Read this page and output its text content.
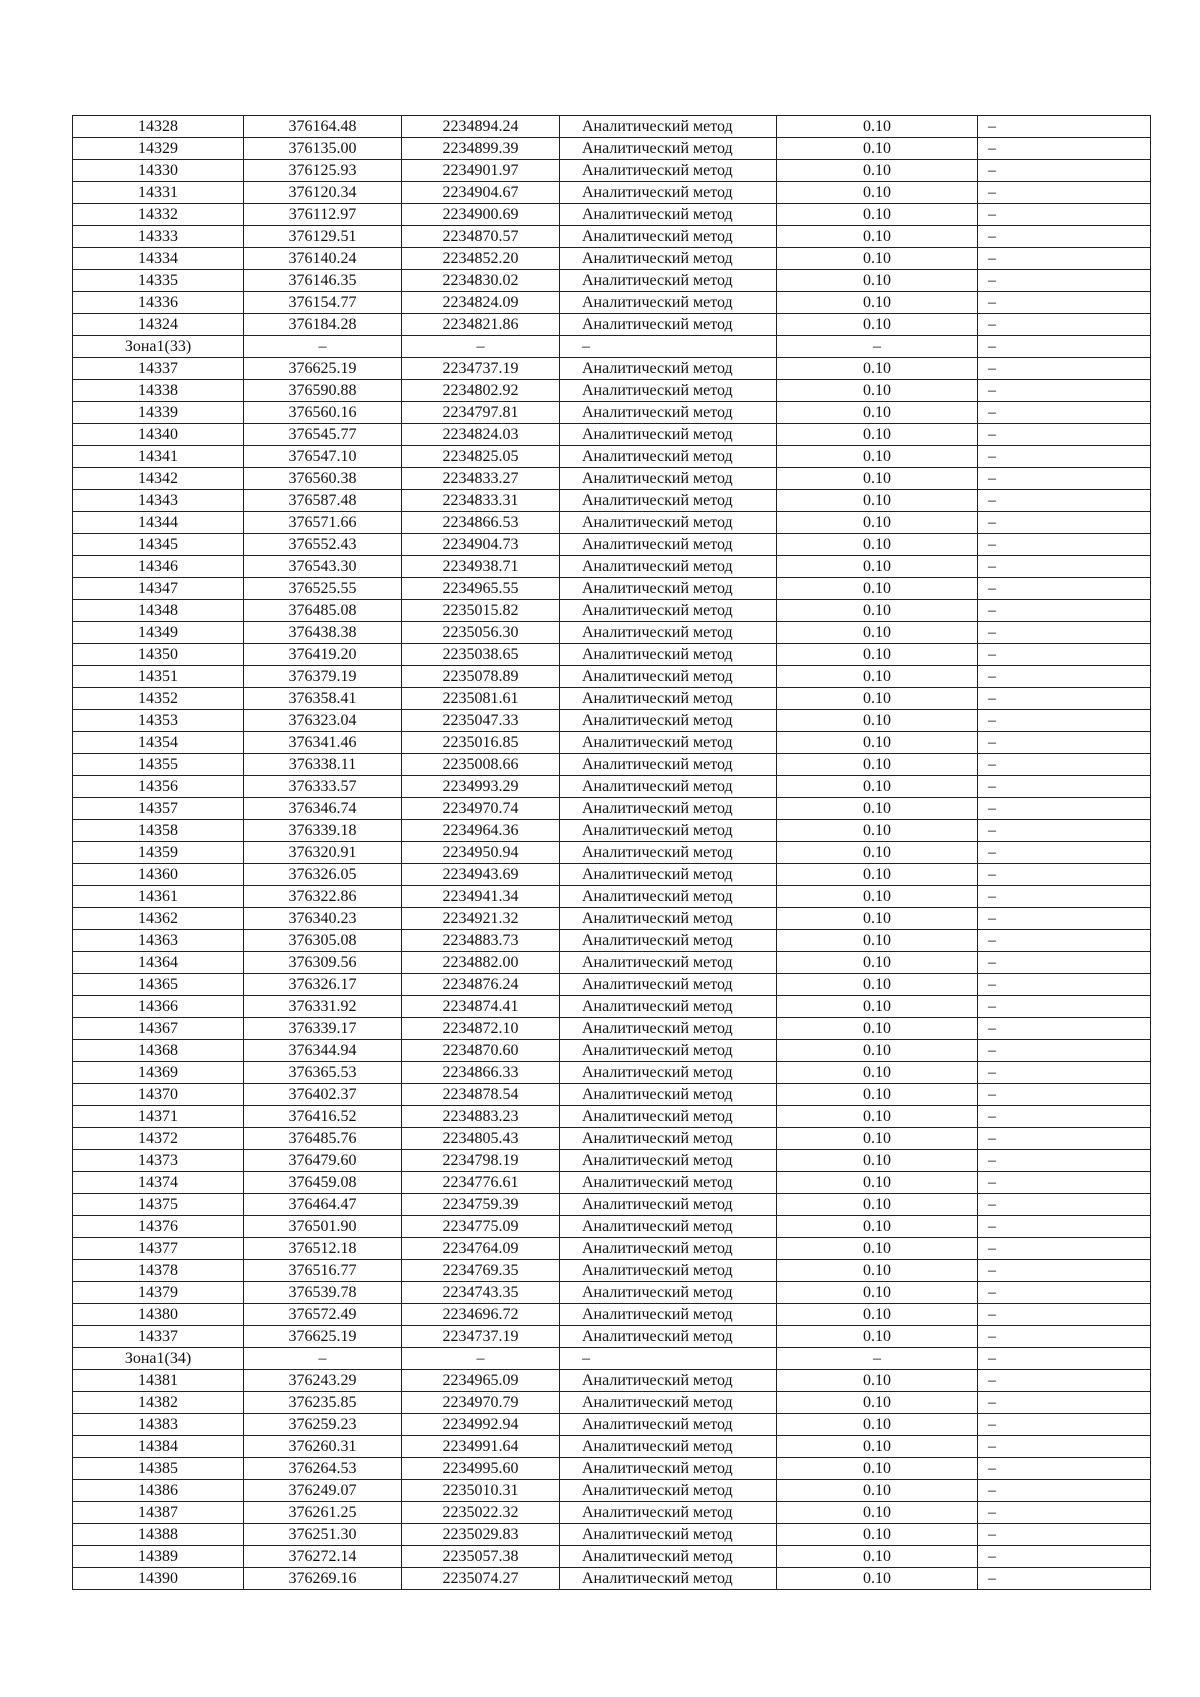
14328	376164.48	2234894.24	Аналитический метод	0.10	–
14329	376135.00	2234899.39	Аналитический метод	0.10	–
14330	376125.93	2234901.97	Аналитический метод	0.10	–
14331	376120.34	2234904.67	Аналитический метод	0.10	–
14332	376112.97	2234900.69	Аналитический метод	0.10	–
14333	376129.51	2234870.57	Аналитический метод	0.10	–
14334	376140.24	2234852.20	Аналитический метод	0.10	–
14335	376146.35	2234830.02	Аналитический метод	0.10	–
14336	376154.77	2234824.09	Аналитический метод	0.10	–
14324	376184.28	2234821.86	Аналитический метод	0.10	–
Зона1(33)	–	–	–	–	–
14337	376625.19	2234737.19	Аналитический метод	0.10	–
14338	376590.88	2234802.92	Аналитический метод	0.10	–
14339	376560.16	2234797.81	Аналитический метод	0.10	–
14340	376545.77	2234824.03	Аналитический метод	0.10	–
14341	376547.10	2234825.05	Аналитический метод	0.10	–
14342	376560.38	2234833.27	Аналитический метод	0.10	–
14343	376587.48	2234833.31	Аналитический метод	0.10	–
14344	376571.66	2234866.53	Аналитический метод	0.10	–
14345	376552.43	2234904.73	Аналитический метод	0.10	–
14346	376543.30	2234938.71	Аналитический метод	0.10	–
14347	376525.55	2234965.55	Аналитический метод	0.10	–
14348	376485.08	2235015.82	Аналитический метод	0.10	–
14349	376438.38	2235056.30	Аналитический метод	0.10	–
14350	376419.20	2235038.65	Аналитический метод	0.10	–
14351	376379.19	2235078.89	Аналитический метод	0.10	–
14352	376358.41	2235081.61	Аналитический метод	0.10	–
14353	376323.04	2235047.33	Аналитический метод	0.10	–
14354	376341.46	2235016.85	Аналитический метод	0.10	–
14355	376338.11	2235008.66	Аналитический метод	0.10	–
14356	376333.57	2234993.29	Аналитический метод	0.10	–
14357	376346.74	2234970.74	Аналитический метод	0.10	–
14358	376339.18	2234964.36	Аналитический метод	0.10	–
14359	376320.91	2234950.94	Аналитический метод	0.10	–
14360	376326.05	2234943.69	Аналитический метод	0.10	–
14361	376322.86	2234941.34	Аналитический метод	0.10	–
14362	376340.23	2234921.32	Аналитический метод	0.10	–
14363	376305.08	2234883.73	Аналитический метод	0.10	–
14364	376309.56	2234882.00	Аналитический метод	0.10	–
14365	376326.17	2234876.24	Аналитический метод	0.10	–
14366	376331.92	2234874.41	Аналитический метод	0.10	–
14367	376339.17	2234872.10	Аналитический метод	0.10	–
14368	376344.94	2234870.60	Аналитический метод	0.10	–
14369	376365.53	2234866.33	Аналитический метод	0.10	–
14370	376402.37	2234878.54	Аналитический метод	0.10	–
14371	376416.52	2234883.23	Аналитический метод	0.10	–
14372	376485.76	2234805.43	Аналитический метод	0.10	–
14373	376479.60	2234798.19	Аналитический метод	0.10	–
14374	376459.08	2234776.61	Аналитический метод	0.10	–
14375	376464.47	2234759.39	Аналитический метод	0.10	–
14376	376501.90	2234775.09	Аналитический метод	0.10	–
14377	376512.18	2234764.09	Аналитический метод	0.10	–
14378	376516.77	2234769.35	Аналитический метод	0.10	–
14379	376539.78	2234743.35	Аналитический метод	0.10	–
14380	376572.49	2234696.72	Аналитический метод	0.10	–
14337	376625.19	2234737.19	Аналитический метод	0.10	–
Зона1(34)	–	–	–	–	–
14381	376243.29	2234965.09	Аналитический метод	0.10	–
14382	376235.85	2234970.79	Аналитический метод	0.10	–
14383	376259.23	2234992.94	Аналитический метод	0.10	–
14384	376260.31	2234991.64	Аналитический метод	0.10	–
14385	376264.53	2234995.60	Аналитический метод	0.10	–
14386	376249.07	2235010.31	Аналитический метод	0.10	–
14387	376261.25	2235022.32	Аналитический метод	0.10	–
14388	376251.30	2235029.83	Аналитический метод	0.10	–
14389	376272.14	2235057.38	Аналитический метод	0.10	–
14390	376269.16	2235074.27	Аналитический метод	0.10	–
